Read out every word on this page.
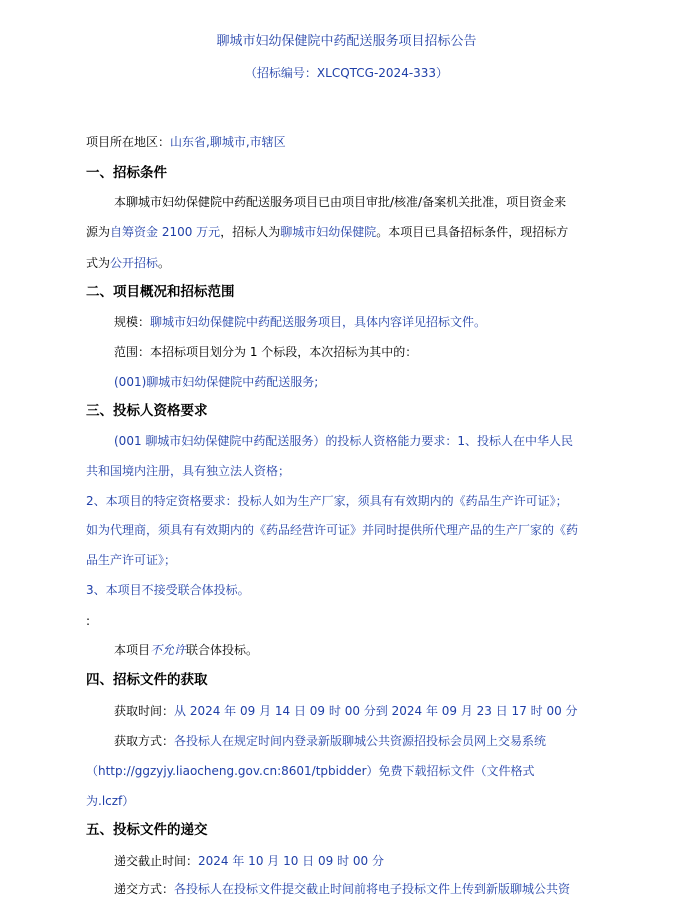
聊城市妇幼保健院中药配送服务项目招标公告
（招标编号：XLCQTCG-2024-333）
项目所在地区：山东省,聊城市,市辖区
一、招标条件
本聊城市妇幼保健院中药配送服务项目已由项目审批/核准/备案机关批准，项目资金来
源为自筹资金 2100 万元，招标人为聊城市妇幼保健院。本项目已具备招标条件，现招标方
式为公开招标。
二、项目概况和招标范围
规模：聊城市妇幼保健院中药配送服务项目，具体内容详见招标文件。
范围：本招标项目划分为 1 个标段，本次招标为其中的：
(001)聊城市妇幼保健院中药配送服务;
三、投标人资格要求
(001 聊城市妇幼保健院中药配送服务）的投标人资格能力要求：1、投标人在中华人民
共和国境内注册，具有独立法人资格；
2、本项目的特定资格要求：投标人如为生产厂家，须具有有效期内的《药品生产许可证》；
如为代理商，须具有有效期内的《药品经营许可证》并同时提供所代理产品的生产厂家的《药
品生产许可证》；
3、本项目不接受联合体投标。
:
本项目不允许联合体投标。
四、招标文件的获取
获取时间：从 2024 年 09 月 14 日 09 时 00 分到 2024 年 09 月 23 日 17 时 00 分
获取方式：各投标人在规定时间内登录新版聊城公共资源招投标会员网上交易系统
（http://ggzyjy.liaocheng.gov.cn:8601/tpbidder）免费下载招标文件（文件格式
为.lczf）
五、投标文件的递交
递交截止时间：2024 年 10 月 10 日 09 时 00 分
递交方式：各投标人在投标文件提交截止时间前将电子投标文件上传到新版聊城公共资
